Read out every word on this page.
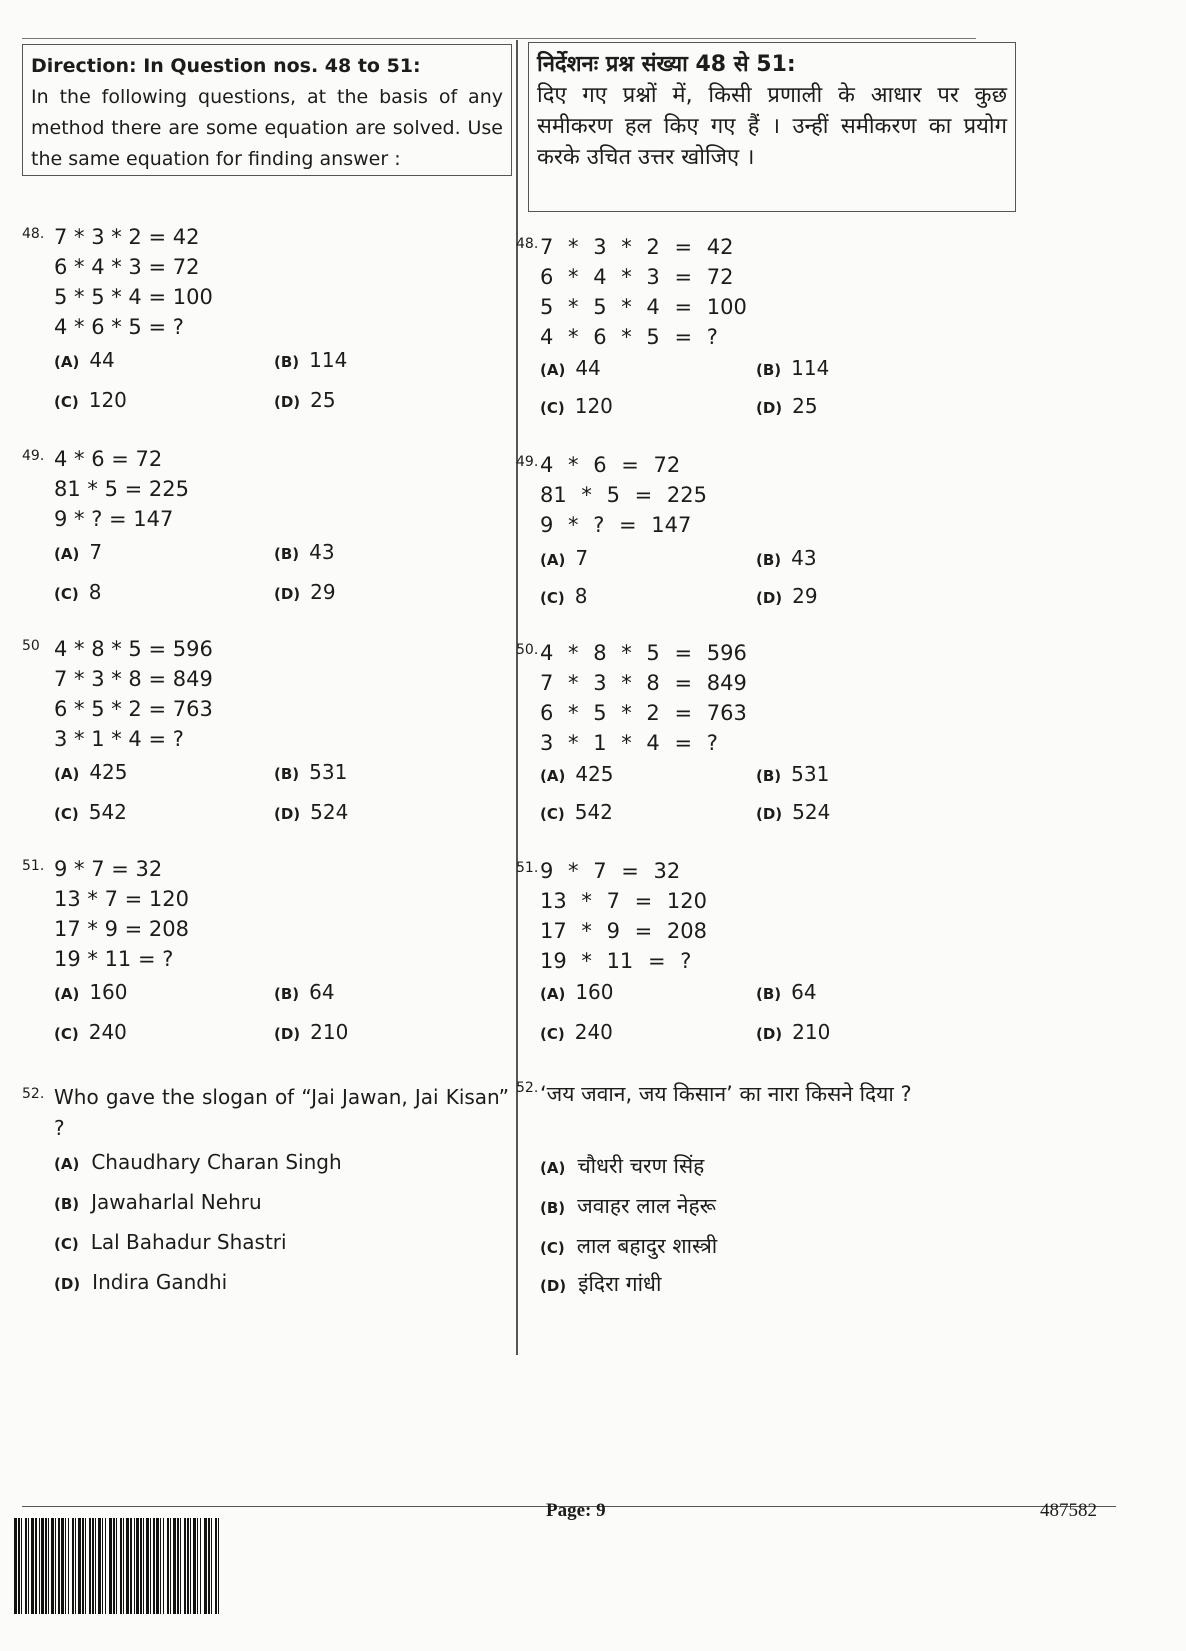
Direction: In Question nos. 48 to 51:
In the following questions, at the basis of any method there are some equation are solved. Use the same equation for finding answer :
48. 7 * 3 * 2 = 42
6 * 4 * 3 = 72
5 * 5 * 4 = 100
4 * 6 * 5 = ?
(A) 44	(B) 114
(C) 120	(D) 25
49. 4 * 6 = 72
81 * 5 = 225
9 * ? = 147
(A) 7	(B) 43
(C) 8	(D) 29
50 4 * 8 * 5 = 596
7 * 3 * 8 = 849
6 * 5 * 2 = 763
3 * 1 * 4 = ?
(A) 425	(B) 531
(C) 542	(D) 524
51. 9 * 7 = 32
13 * 7 = 120
17 * 9 = 208
19 * 11 = ?
(A) 160	(B) 64
(C) 240	(D) 210
52. Who gave the slogan of “Jai Jawan, Jai Kisan” ?
(A) Chaudhary Charan Singh
(B) Jawaharlal Nehru
(C) Lal Bahadur Shastri
(D) Indira Gandhi
निर्देशनः प्रश्न संख्या 48 से 51:
दिए गए प्रश्नों में, किसी प्रणाली के आधार पर कुछ समीकरण हल किए गए हैं । उन्हीं समीकरण का प्रयोग करके उचित उत्तर खोजिए ।
48. 7 * 3 * 2 = 42
6 * 4 * 3 = 72
5 * 5 * 4 = 100
4 * 6 * 5 = ?
(A) 44	(B) 114
(C) 120	(D) 25
49. 4 * 6 = 72
81 * 5 = 225
9 * ? = 147
(A) 7	(B) 43
(C) 8	(D) 29
50. 4 * 8 * 5 = 596
7 * 3 * 8 = 849
6 * 5 * 2 = 763
3 * 1 * 4 = ?
(A) 425	(B) 531
(C) 542	(D) 524
51. 9 * 7 = 32
13 * 7 = 120
17 * 9 = 208
19 * 11 = ?
(A) 160	(B) 64
(C) 240	(D) 210
52. ‘जय जवान, जय किसान’ का नारा किसने दिया ?
(A) चौधरी चरण सिंह
(B) जवाहर लाल नेहरू
(C) लाल बहादुर शास्त्री
(D) इंदिरा गांधी
Page: 9	487582
